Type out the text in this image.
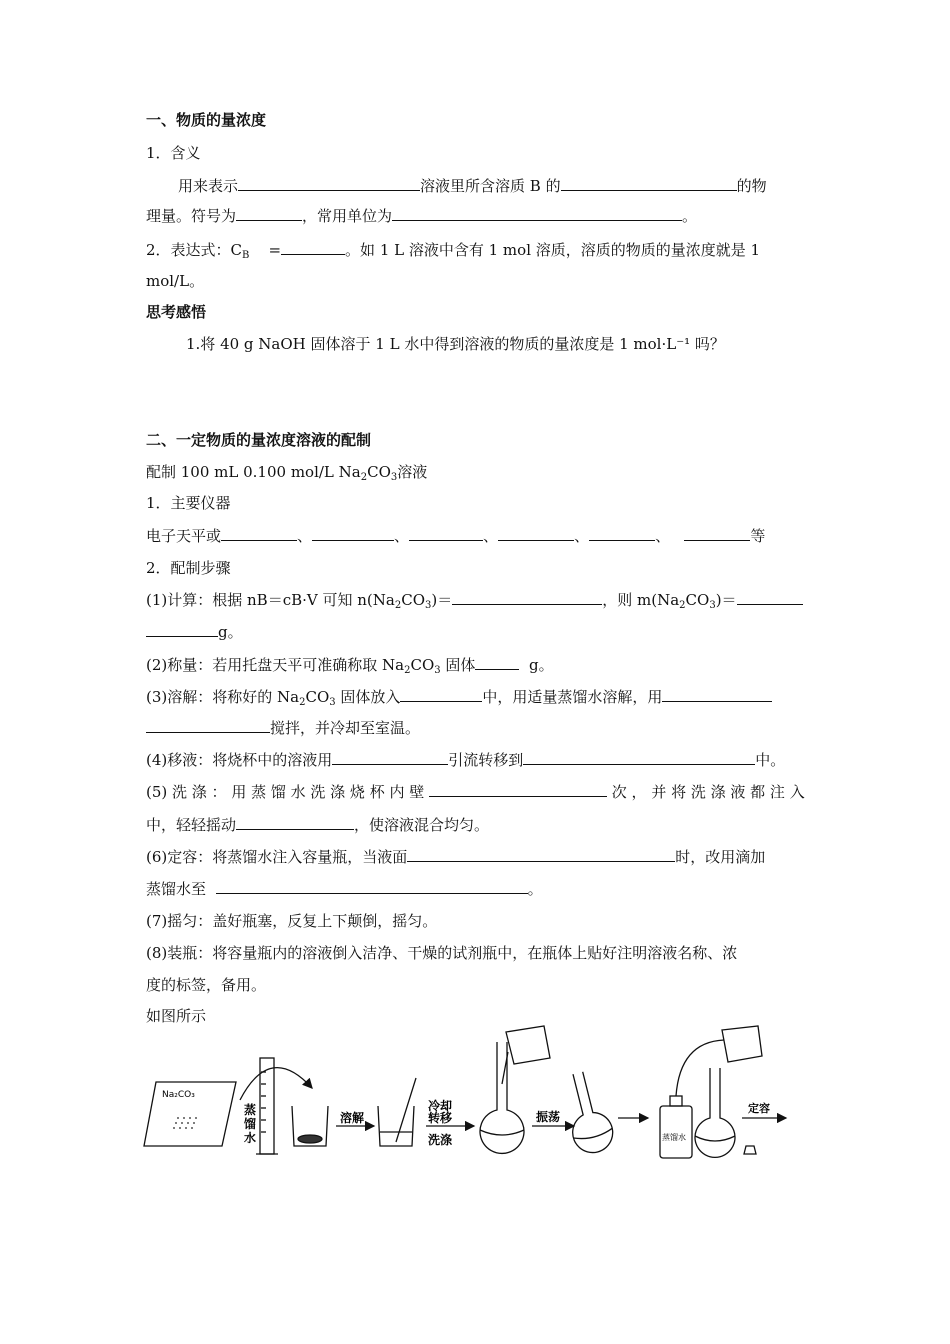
一、物质的量浓度
1．含义
用来表示	溶液里所含溶质 B 的	的物
理量。符号为	，常用单位为	。
2．表达式：$C_B$ =	。如 1 L 溶液中含有 1 mol 溶质，溶质的物质的量浓度就是 1
mol/L。
思考感悟
1.将 40 g NaOH 固体溶于 1 L 水中得到溶液的物质的量浓度是 1 mol·L⁻¹ 吗？
二、一定物质的量浓度溶液的配制
配制 100 mL 0.100 mol/L $Na_2CO_3$溶液
1．主要仪器
电子天平或	、	、	、	、	、	等
2．配制步骤
(1)计算：根据 nB＝cB·V 可知 $n(Na_2CO_3)=$	，则 $m(Na_2CO_3)=$
g。
(2)称量：若用托盘天平可准确称取 $Na_2CO_3$ 固体	g。
(3)溶解：将称好的 $Na_2CO_3$ 固体放入	中，用适量蒸馏水溶解，用
搅拌，并冷却至室温。
(4)移液：将烧杯中的溶液用	引流转移到	中。
(5) 洗 涤 ： 用 蒸 馏 水 洗 涤 烧 杯 内 壁	次 ， 并 将 洗 涤 液 都 注 入
中，轻轻摇动	，使溶液混合均匀。
(6)定容：将蒸馏水注入容量瓶，当液面	时，改用滴加
蒸馏水至	。
(7)摇匀：盖好瓶塞，反复上下颠倒，摇匀。
(8)装瓶：将容量瓶内的溶液倒入洁净、干燥的试剂瓶中，在瓶体上贴好注明溶液名称、浓
度的标签，备用。
如图所示
Na₂CO₃
蒸
馏
水
溶解
冷却
转移
洗涤
振荡
蒸馏水
定容
